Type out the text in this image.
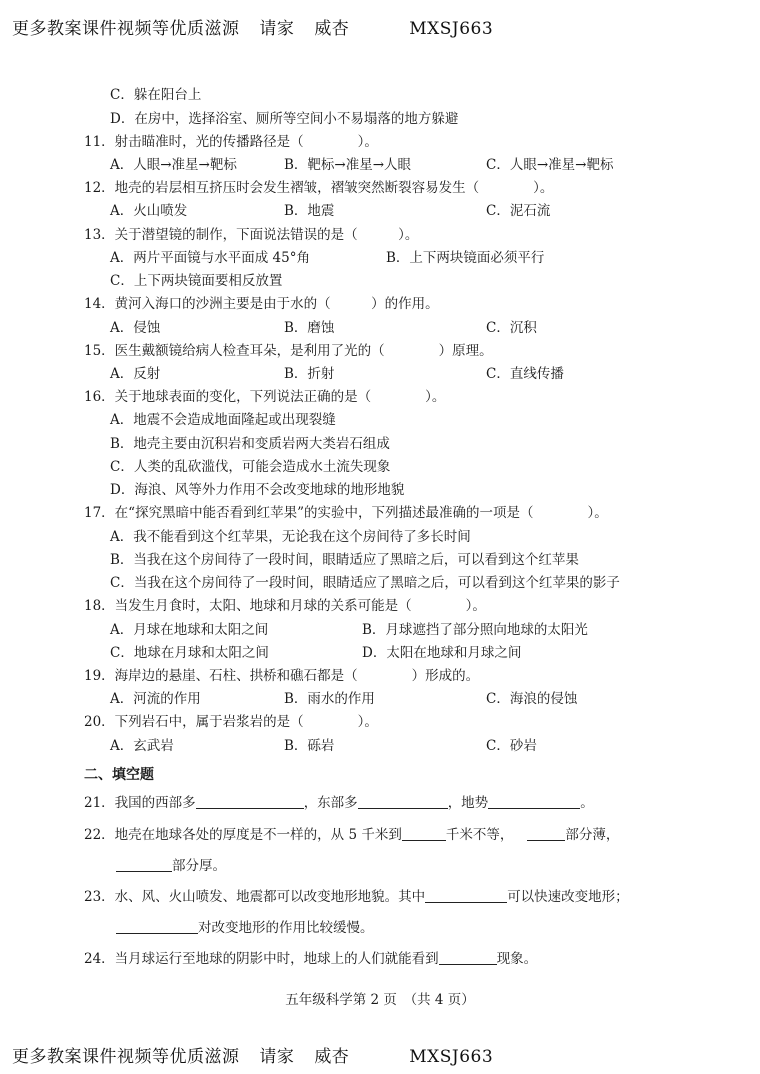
更多教案课件视频等优质滋源 请家 威杏	MXSJ663
C．躲在阳台上
D．在房中，选择浴室、厕所等空间小不易塌落的地方躲避
11．射击瞄准时，光的传播路径是（　　　　）。
A．人眼→准星→靶标	B．靶标→准星→人眼	C．人眼→准星→靶标
12．地壳的岩层相互挤压时会发生褶皱，褶皱突然断裂容易发生（　　　　）。
A．火山喷发	B．地震	C．泥石流
13．关于潜望镜的制作，下面说法错误的是（　　　）。
A．两片平面镜与水平面成 45°角	B．上下两块镜面必须平行
C．上下两块镜面要相反放置
14．黄河入海口的沙洲主要是由于水的（　　　）的作用。
A．侵蚀	B．磨蚀	C．沉积
15．医生戴额镜给病人检查耳朵，是利用了光的（　　　　）原理。
A．反射	B．折射	C．直线传播
16．关于地球表面的变化，下列说法正确的是（　　　　）。
A．地震不会造成地面隆起或出现裂缝
B．地壳主要由沉积岩和变质岩两大类岩石组成
C．人类的乱砍滥伐，可能会造成水土流失现象
D．海浪、风等外力作用不会改变地球的地形地貌
17．在“探究黑暗中能否看到红苹果”的实验中，下列描述最准确的一项是（　　　　）。
A．我不能看到这个红苹果，无论我在这个房间待了多长时间
B．当我在这个房间待了一段时间，眼睛适应了黑暗之后，可以看到这个红苹果
C．当我在这个房间待了一段时间，眼睛适应了黑暗之后，可以看到这个红苹果的影子
18．当发生月食时，太阳、地球和月球的关系可能是（　　　　）。
A．月球在地球和太阳之间	B．月球遮挡了部分照向地球的太阳光
C．地球在月球和太阳之间	D．太阳在地球和月球之间
19．海岸边的悬崖、石柱、拱桥和礁石都是（　　　　）形成的。
A．河流的作用	B．雨水的作用	C．海浪的侵蚀
20．下列岩石中，属于岩浆岩的是（　　　　）。
A．玄武岩	B．砾岩	C．砂岩
二、填空题
21．我国的西部多	，东部多	，地势	。
22．地壳在地球各处的厚度是不一样的，从 5 千米到	千米不等，	部分薄，
部分厚。
23．水、风、火山喷发、地震都可以改变地形地貌。其中	可以快速改变地形；
对改变地形的作用比较缓慢。
24．当月球运行至地球的阴影中时，地球上的人们就能看到	现象。
五年级科学第 2 页　（共 4 页）
更多教案课件视频等优质滋源 请家 威杏	MXSJ663
